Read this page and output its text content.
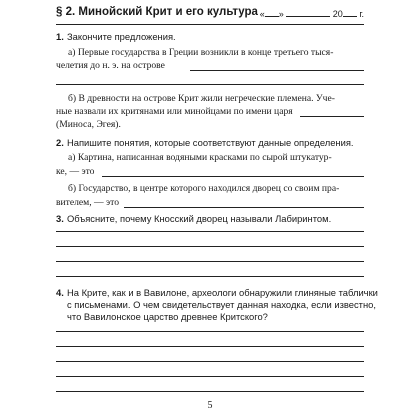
§ 2. Минойский Крит и его культура « »	20 г.
1. Закончите предложения.
а) Первые государства в Греции возникли в конце третьего тыся-
челетия до н. э. на острове
б) В древности на острове Крит жили негреческие племена. Уче-
ные назвали их критянами или минойцами по имени царя
(Миноса, Эгея).
2. Напишите понятия, которые соответствуют данные определения.
а) Картина, написанная водяными красками по сырой штукатур-
ке, — это
б) Государство, в центре которого находился дворец со своим пра-
вителем, — это
3. Объясните, почему Кносский дворец называли Лабиринтом.
4. На Крите, как и в Вавилоне, археологи обнаружили глиняные таблички
с письменами. О чем свидетельствует данная находка, если известно,
что Вавилонское царство древнее Критского?
5
